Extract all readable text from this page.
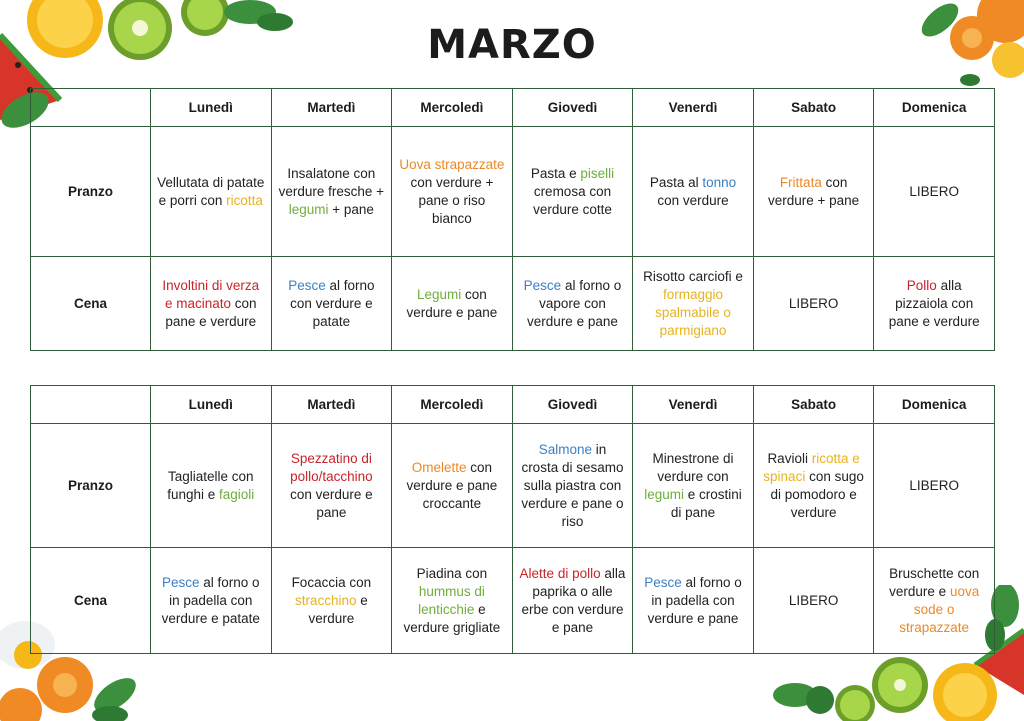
MARZO
	Lunedì	Martedì	Mercoledì	Giovedì	Venerdì	Sabato	Domenica
Pranzo	Vellutata di patate e porri con ricotta	Insalatone con verdure fresche + legumi + pane	Uova strapazzate con verdure + pane o riso bianco	Pasta e piselli cremosa con verdure cotte	Pasta al tonno con verdure	Frittata con verdure + pane	LIBERO
Cena	Involtini di verza e macinato con pane e verdure	Pesce al forno con verdure e patate	Legumi con verdure e pane	Pesce al forno o vapore con verdure e pane	Risotto carciofi e formaggio spalmabile o parmigiano	LIBERO	Pollo alla pizzaiola con pane e verdure
	Lunedì	Martedì	Mercoledì	Giovedì	Venerdì	Sabato	Domenica
Pranzo	Tagliatelle con funghi e fagioli	Spezzatino di pollo/tacchino con verdure e pane	Omelette con verdure e pane croccante	Salmone in crosta di sesamo sulla piastra con verdure e pane o riso	Minestrone di verdure con legumi e crostini di pane	Ravioli ricotta e spinaci con sugo di pomodoro e verdure	LIBERO
Cena	Pesce al forno o in padella con verdure e patate	Focaccia con stracchino e verdure	Piadina con hummus di lenticchie e verdure grigliate	Alette di pollo alla paprika o alle erbe con verdure e pane	Pesce al forno o in padella con verdure e pane	LIBERO	Bruschette con verdure e uova sode o strapazzate
